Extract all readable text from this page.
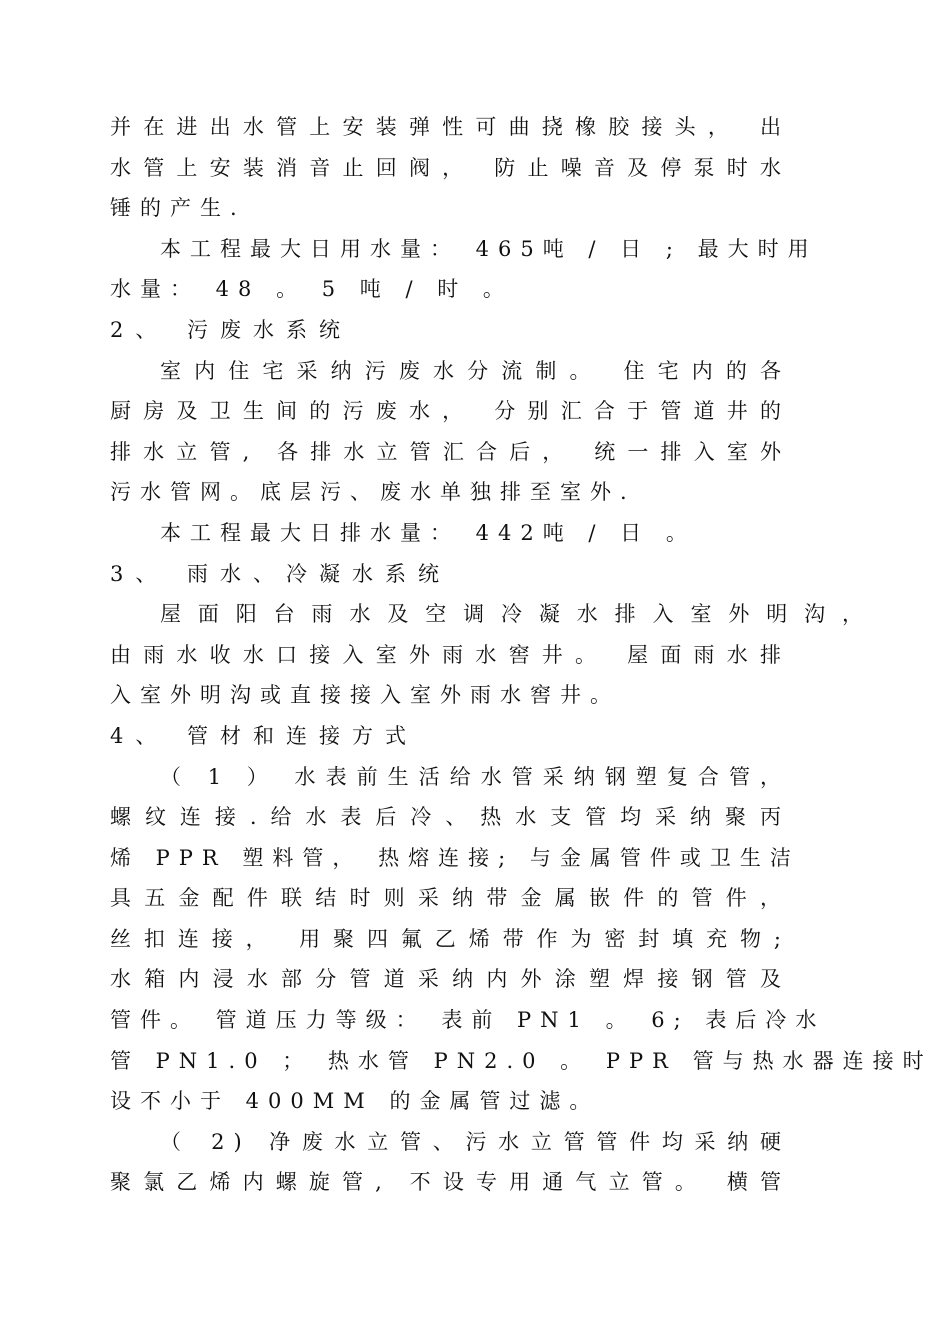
并在进出水管上安装弹性可曲挠橡胶接头， 出
水管上安装消音止回阀， 防止噪音及停泵时水
锤的产生.
本工程最大日用水量： 465吨 / 日 ; 最大时用
水量： 48 。 5 吨 / 时 。
2、 污废水系统
室内住宅采纳污废水分流制。 住宅内的各
厨房及卫生间的污废水， 分别汇合于管道井的
排水立管, 各排水立管汇合后， 统一排入室外
污水管网。底层污、废水单独排至室外.
本工程最大日排水量： 442吨 / 日 。
3、 雨水、冷凝水系统
屋面阳台雨水及空调冷凝水排入室外明沟，
由雨水收水口接入室外雨水窖井。 屋面雨水排
入室外明沟或直接接入室外雨水窖井。
4、 管材和连接方式
（ 1 ） 水表前生活给水管采纳钢塑复合管，
螺纹连接.给水表后冷、热水支管均采纳聚丙
烯 PPR 塑料管， 热熔连接; 与金属管件或卫生洁
具五金配件联结时则采纳带金属嵌件的管件，
丝扣连接， 用聚四氟乙烯带作为密封填充物;
水箱内浸水部分管道采纳内外涂塑焊接钢管及
管件。 管道压力等级： 表前 PN1 。 6; 表后冷水
管 PN1.0 ； 热水管 PN2.0 。 PPR 管与热水器连接时
设不小于 400MM 的金属管过滤。
（ 2) 净废水立管、污水立管管件均采纳硬
聚氯乙烯内螺旋管, 不设专用通气立管。 横管
